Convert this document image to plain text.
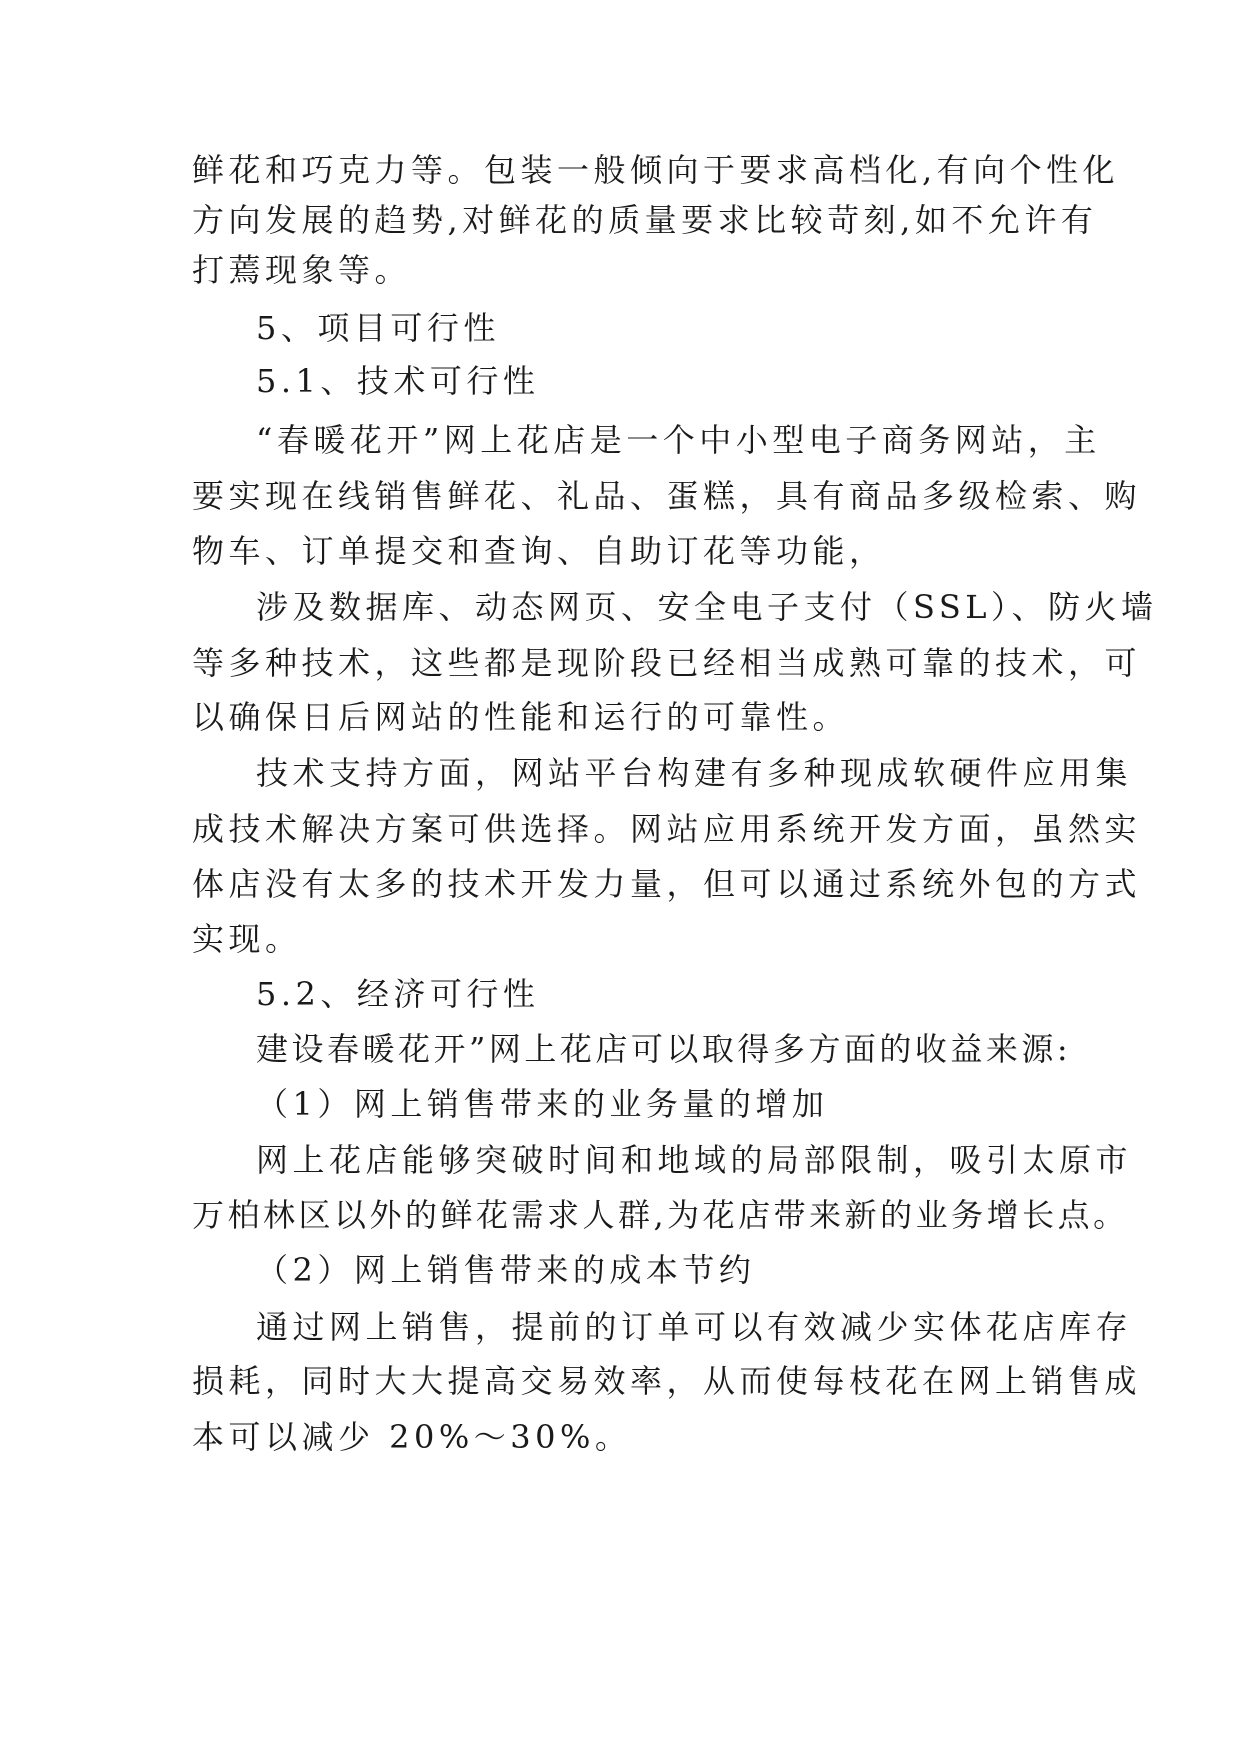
鲜花和巧克力等。包装一般倾向于要求高档化,有向个性化
方向发展的趋势,对鲜花的质量要求比较苛刻,如不允许有
打蔫现象等。
5、项目可行性
5.1、技术可行性
“春暖花开”网上花店是一个中小型电子商务网站，主
要实现在线销售鲜花、礼品、蛋糕，具有商品多级检索、购
物车、订单提交和查询、自助订花等功能，
涉及数据库、动态网页、安全电子支付（SSL）、防火墙
等多种技术，这些都是现阶段已经相当成熟可靠的技术，可
以确保日后网站的性能和运行的可靠性。
技术支持方面，网站平台构建有多种现成软硬件应用集
成技术解决方案可供选择。网站应用系统开发方面，虽然实
体店没有太多的技术开发力量，但可以通过系统外包的方式
实现。
5.2、经济可行性
建设春暖花开”网上花店可以取得多方面的收益来源:
（1）网上销售带来的业务量的增加
网上花店能够突破时间和地域的局部限制，吸引太原市
万柏林区以外的鲜花需求人群,为花店带来新的业务增长点。
（2）网上销售带来的成本节约
通过网上销售，提前的订单可以有效减少实体花店库存
损耗，同时大大提高交易效率，从而使每枝花在网上销售成
本可以减少 20%～30%。
